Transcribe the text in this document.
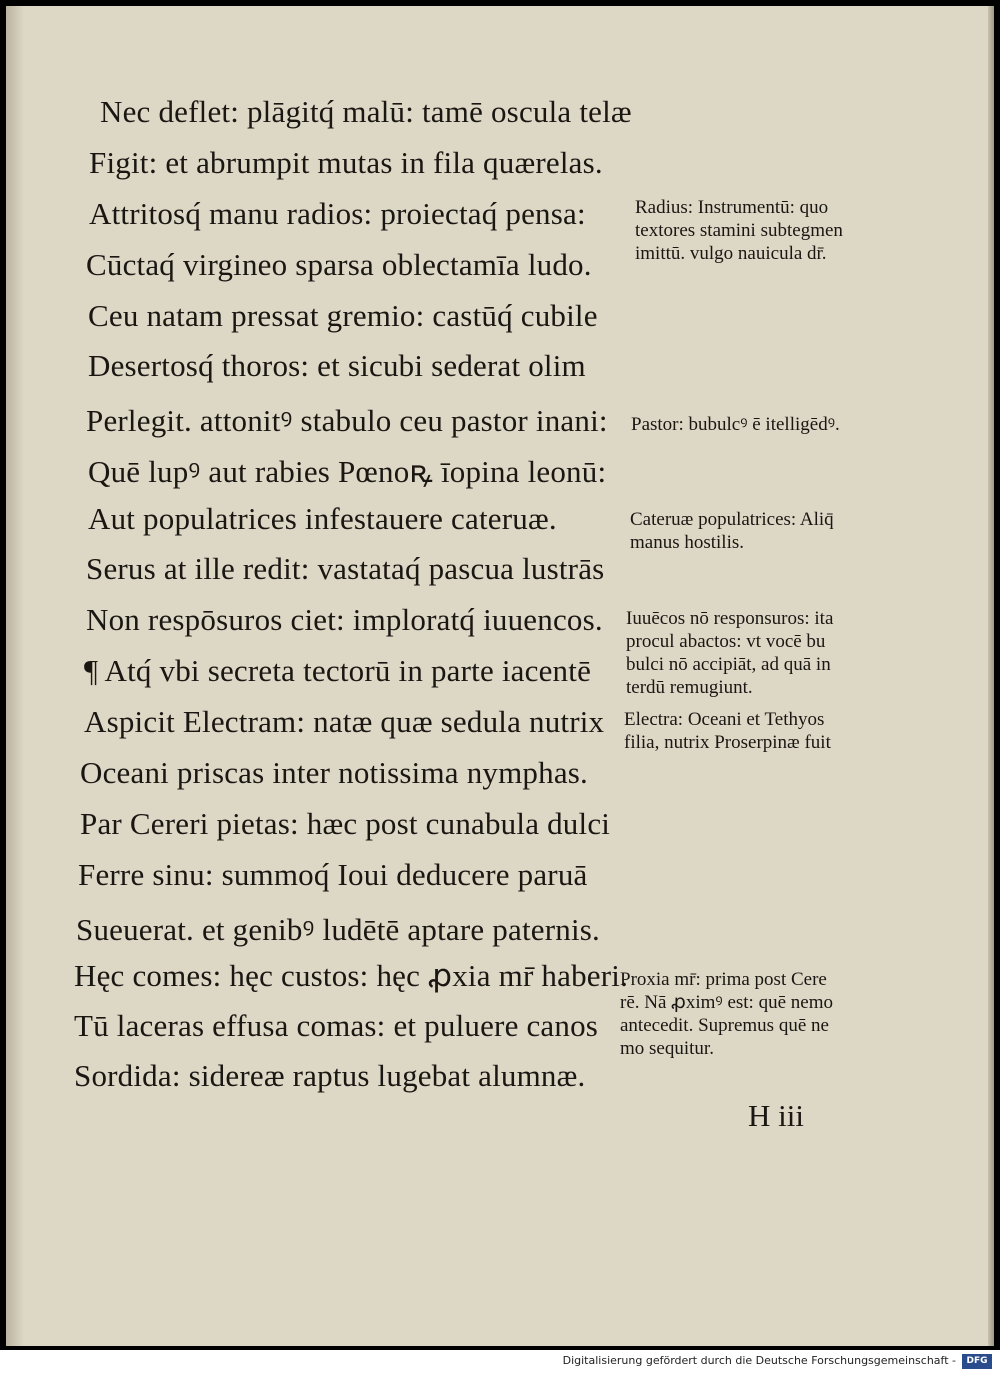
Nec deflet: plāgitq́ malū: tamē oscula telæ
Figit: et abrumpit mutas in fila quærelas.
Attritosq́ manu radios: proiectaq́ pensa:
Cūctaq́ virgineo sparsa oblectamīa ludo.
Ceu natam pressat gremio: castūq́ cubile
Desertosq́ thoros: et sicubi sederat olim
Perlegit. attonitꝰ stabulo ceu pastor inani:
Quē lupꝰ aut rabies Pœnoꝶ īopina leonū:
Aut populatrices infestauere cateruæ.
Serus at ille redit: vastataq́ pascua lustrās
Non respōsuros ciet: imploratq́ iuuencos.
¶ Atq́ vbi secreta tectorū in parte iacentē
Aspicit Electram: natæ quæ sedula nutrix
Oceani priscas inter notissima nymphas.
Par Cereri pietas: hæc post cunabula dulci
Ferre sinu: summoq́ Ioui deducere paruā
Sueuerat. et genibꝰ ludētē aptare paternis.
Hęc comes: hęc custos: hęc ꝓxia mr̄ haberi.
Tū laceras effusa comas: et puluere canos
Sordida: sidereæ raptus lugebat alumnæ.
Radius: Instrumentū: quo
textores stamini subtegmen
imittū. vulgo nauicula dr̄.
Pastor: bubulcꝰ ē itelligēdꝰ.
Cateruæ populatrices: Aliq̄
manus hostilis.
Iuuēcos nō responsuros: ita
procul abactos: vt vocē bu
bulci nō accipiāt, ad quā in
terdū remugiunt.
Electra: Oceani et Tethyos
filia, nutrix Proserpinæ fuit
Proxia mr̄: prima post Cere
rē. Nā ꝓximꝰ est: quē nemo
antecedit. Supremus quē ne
mo sequitur.
H iii
Digitalisierung gefördert durch die Deutsche Forschungsgemeinschaft -	DFG
